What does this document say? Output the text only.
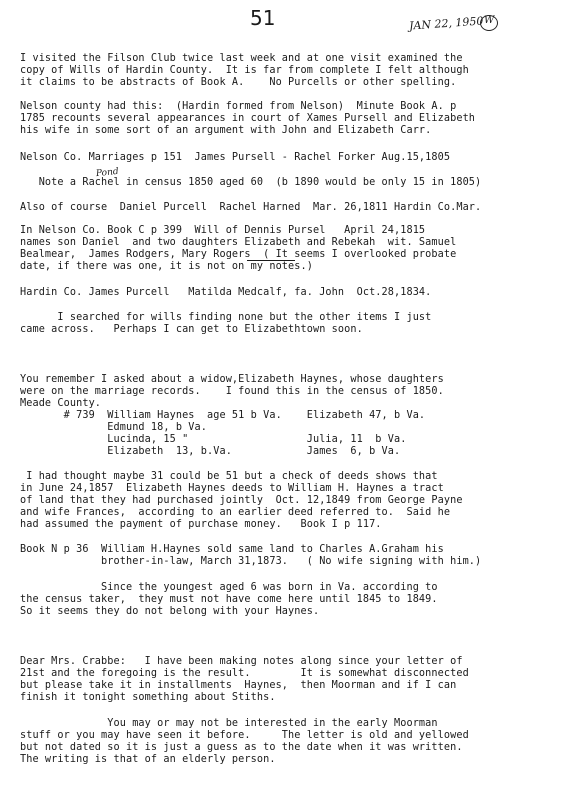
51	JAN 22, 1950 W
Pond
I visited the Filson Club twice last week and at one visit examined the
copy of Wills of Hardin County.  It is far from complete I felt although
it claims to be abstracts of Book A.    No Purcells or other spelling.
Nelson county had this:  (Hardin formed from Nelson)  Minute Book A. p
1785 recounts several appearances in court of Xames Pursell and Elizabeth
his wife in some sort of an argument with John and Elizabeth Carr.
Nelson Co. Marriages p 151  James Pursell - Rachel Forker Aug.15,1805
Note a Rachel in census 1850 aged 60  (b 1890 would be only 15 in 1805)
Also of course  Daniel Purcell  Rachel Harned  Mar. 26,1811 Hardin Co.Mar.
In Nelson Co. Book C p 399  Will of Dennis Pursel   April 24,1815
names son Daniel  and two daughters Elizabeth and Rebekah  wit. Samuel
Bealmear,  James Rodgers, Mary Rogers  ( It seems I overlooked probate
date, if there was one, it is not on my notes.)
Hardin Co. James Purcell   Matilda Medcalf, fa. John  Oct.28,1834.
I searched for wills finding none but the other items I just
came across.   Perhaps I can get to Elizabethtown soon.
You remember I asked about a widow,Elizabeth Haynes, whose daughters
were on the marriage records.    I found this in the census of 1850.
Meade County.
# 739  William Haynes  age 51 b Va.    Elizabeth 47, b Va.
Edmund 18, b Va.
Lucinda, 15 "                   Julia, 11  b Va.
Elizabeth  13, b.Va.            James  6, b Va.
I had thought maybe 31 could be 51 but a check of deeds shows that
in June 24,1857  Elizabeth Haynes deeds to William H. Haynes a tract
of land that they had purchased jointly  Oct. 12,1849 from George Payne
and wife Frances,  according to an earlier deed referred to.  Said he
had assumed the payment of purchase money.   Book I p 117.
Book N p 36  William H.Haynes sold same land to Charles A.Graham his
brother-in-law, March 31,1873.   ( No wife signing with him.)
Since the youngest aged 6 was born in Va. according to
the census taker,  they must not have come here until 1845 to 1849.
So it seems they do not belong with your Haynes.
Dear Mrs. Crabbe:   I have been making notes along since your letter of
21st and the foregoing is the result.        It is somewhat disconnected
but please take it in installments  Haynes,  then Moorman and if I can
finish it tonight something about Stiths.
You may or may not be interested in the early Moorman
stuff or you may have seen it before.     The letter is old and yellowed
but not dated so it is just a guess as to the date when it was written.
The writing is that of an elderly person.
